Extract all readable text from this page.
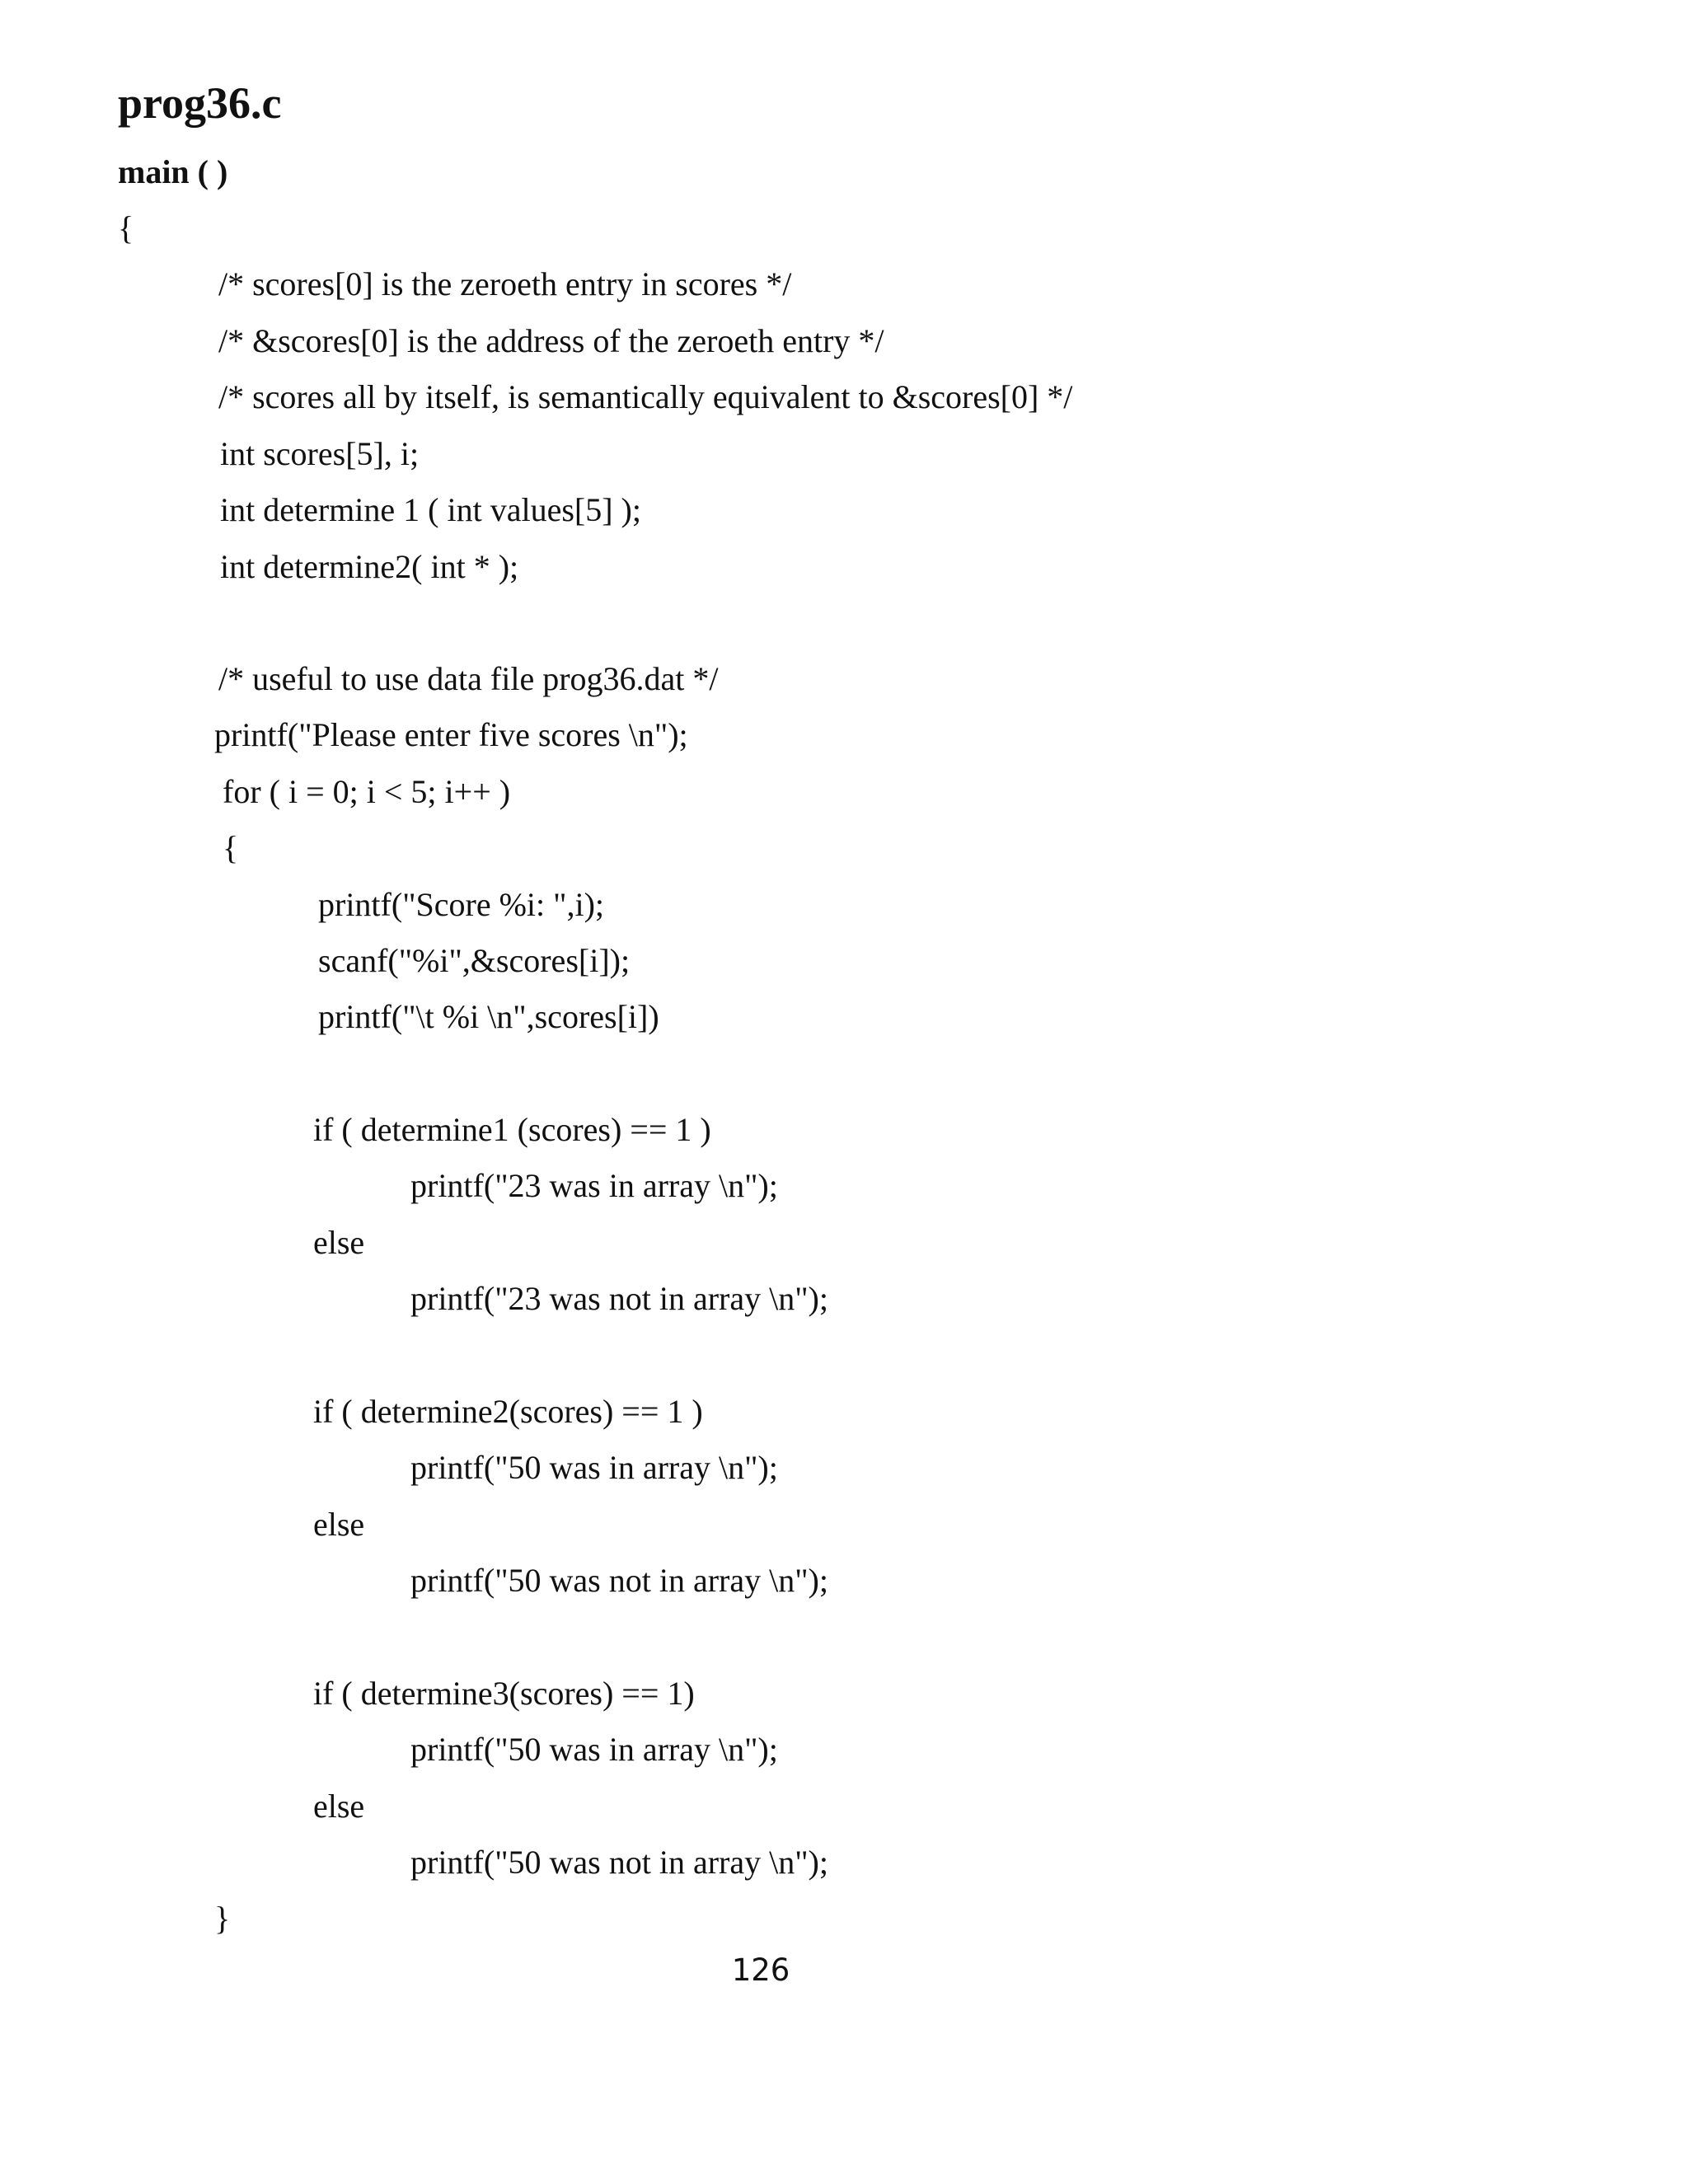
prog36.c
main ( )
{
/* scores[0] is the zeroeth entry in scores */
/* &scores[0] is the address of the zeroeth entry */
/* scores all by itself, is semantically equivalent to &scores[0] */
int scores[5], i;
int determine 1 ( int values[5] );
int determine2( int * );
/* useful to use data file prog36.dat */
printf("Please enter five scores \n");
for ( i = 0; i < 5; i++ )
{
printf("Score %i: ",i);
scanf("%i",&scores[i]);
printf("\t %i \n",scores[i])
if ( determine1 (scores) == 1 )
printf("23 was in array \n");
else
printf("23 was not in array \n");
if ( determine2(scores) == 1 )
printf("50 was in array \n");
else
printf("50 was not in array \n");
if ( determine3(scores) == 1)
printf("50 was in array \n");
else
printf("50 was not in array \n");
}
126
